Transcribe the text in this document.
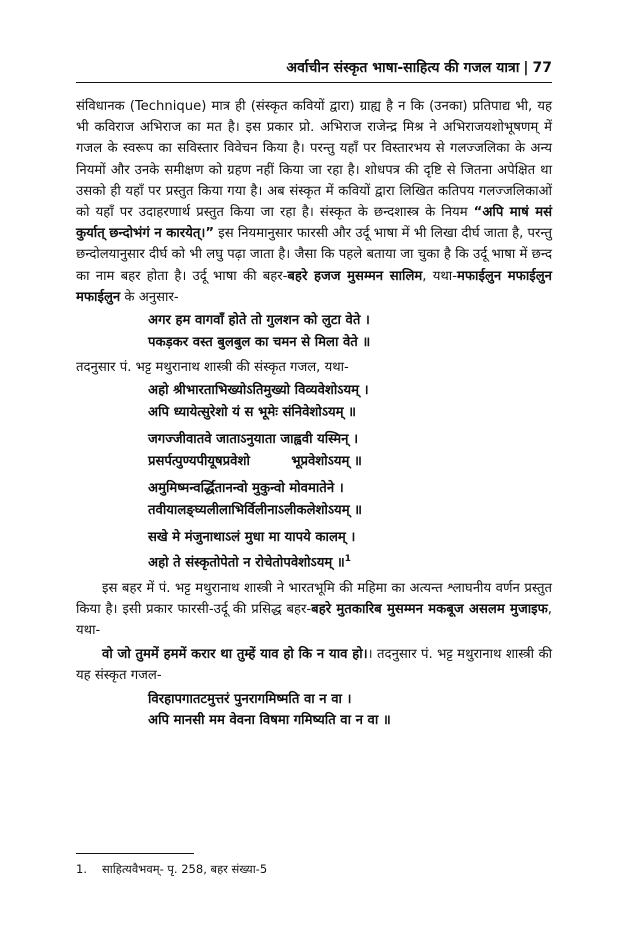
अर्वाचीन संस्कृत भाषा-साहित्य की गजल यात्रा | 77

संविधानक (Technique) मात्र ही (संस्कृत कवियों द्वारा) ग्राह्य है न कि (उनका) प्रतिपाद्य भी, यह भी कविराज अभिराज का मत है। इस प्रकार प्रो. अभिराज राजेन्द्र मिश्र ने अभिराजयशोभूषणम् में गजल के स्वरूप का सविस्तार विवेचन किया है। परन्तु यहाँ पर विस्तारभय से गलज्जलिका के अन्य नियमों और उनके समीक्षण को ग्रहण नहीं किया जा रहा है। शोधपत्र की दृष्टि से जितना अपेक्षित था उसको ही यहाँ पर प्रस्तुत किया गया है। अब संस्कृत में कवियों द्वारा लिखित कतिपय गलज्जलिकाओं को यहाँ पर उदाहरणार्थ प्रस्तुत किया जा रहा है। संस्कृत के छन्दशास्त्र के नियम “अपि माषं मसं कुर्यात् छन्दोभंगं न कारयेत्।” इस नियमानुसार फारसी और उर्दू भाषा में भी लिखा दीर्घ जाता है, परन्तु छन्दोलयानुसार दीर्घ को भी लघु पढ़ा जाता है। जैसा कि पहले बताया जा चुका है कि उर्दू भाषा में छन्द का नाम बहर होता है। उर्दू भाषा की बहर-बहरे हजज मुसम्मन सालिम, यथा-मफाईलुन मफाईलुन मफाईलुन के अनुसार-

अगर हम वागवाँ होते तो गुलशन को लुटा वेते ।

पकड़कर वस्त बुलबुल का चमन से मिला वेते ॥

तदनुसार पं. भट्ट मथुरानाथ शास्त्री की संस्कृत गजल, यथा-

अहो श्रीभारताभिख्योऽतिमुख्यो विव्यवेशोऽयम् ।

अपि ध्यायेत्सुरेशो यं स भूमेः संनिवेशोऽयम् ॥

जगज्जीवातवे जाताऽनुयाता जाह्ववी यस्मिन् ।

प्रसर्पत्पुण्यपीयूषप्रवेशो         भूप्रवेशोऽयम् ॥

अमुमिष्मन्वर्द्धितानन्वो मुकुन्वो मोवमातेने ।

तवीयालङ्घ्यलीलाभिर्विलीनाऽलीकलेशोऽयम् ॥

सखे मे मंजुनाथाऽलं मुधा मा यापये कालम् ।

अहो ते संस्कृतोपेतो न रोचेतोपवेशोऽयम् ॥$^1$

इस बहर में पं. भट्ट मथुरानाथ शास्त्री ने भारतभूमि की महिमा का अत्यन्त श्लाघनीय वर्णन प्रस्तुत किया है। इसी प्रकार फारसी-उर्दू की प्रसिद्ध बहर-बहरे मुतकारिब मुसम्मन मकबूज असलम मुजाइफ, यथा-

वो जो तुममें हममें करार था तुम्हें याव हो कि न याव हो।। तदनुसार पं. भट्ट मथुरानाथ शास्त्री की यह संस्कृत गजल-

विरहापगातटमुत्तरं पुनरागमिष्मति वा न वा ।

अपि मानसी मम वेवना विषमा गमिष्यति वा न वा ॥

1. साहित्यवैभवम्- पृ. 258, बहर संख्या-5
